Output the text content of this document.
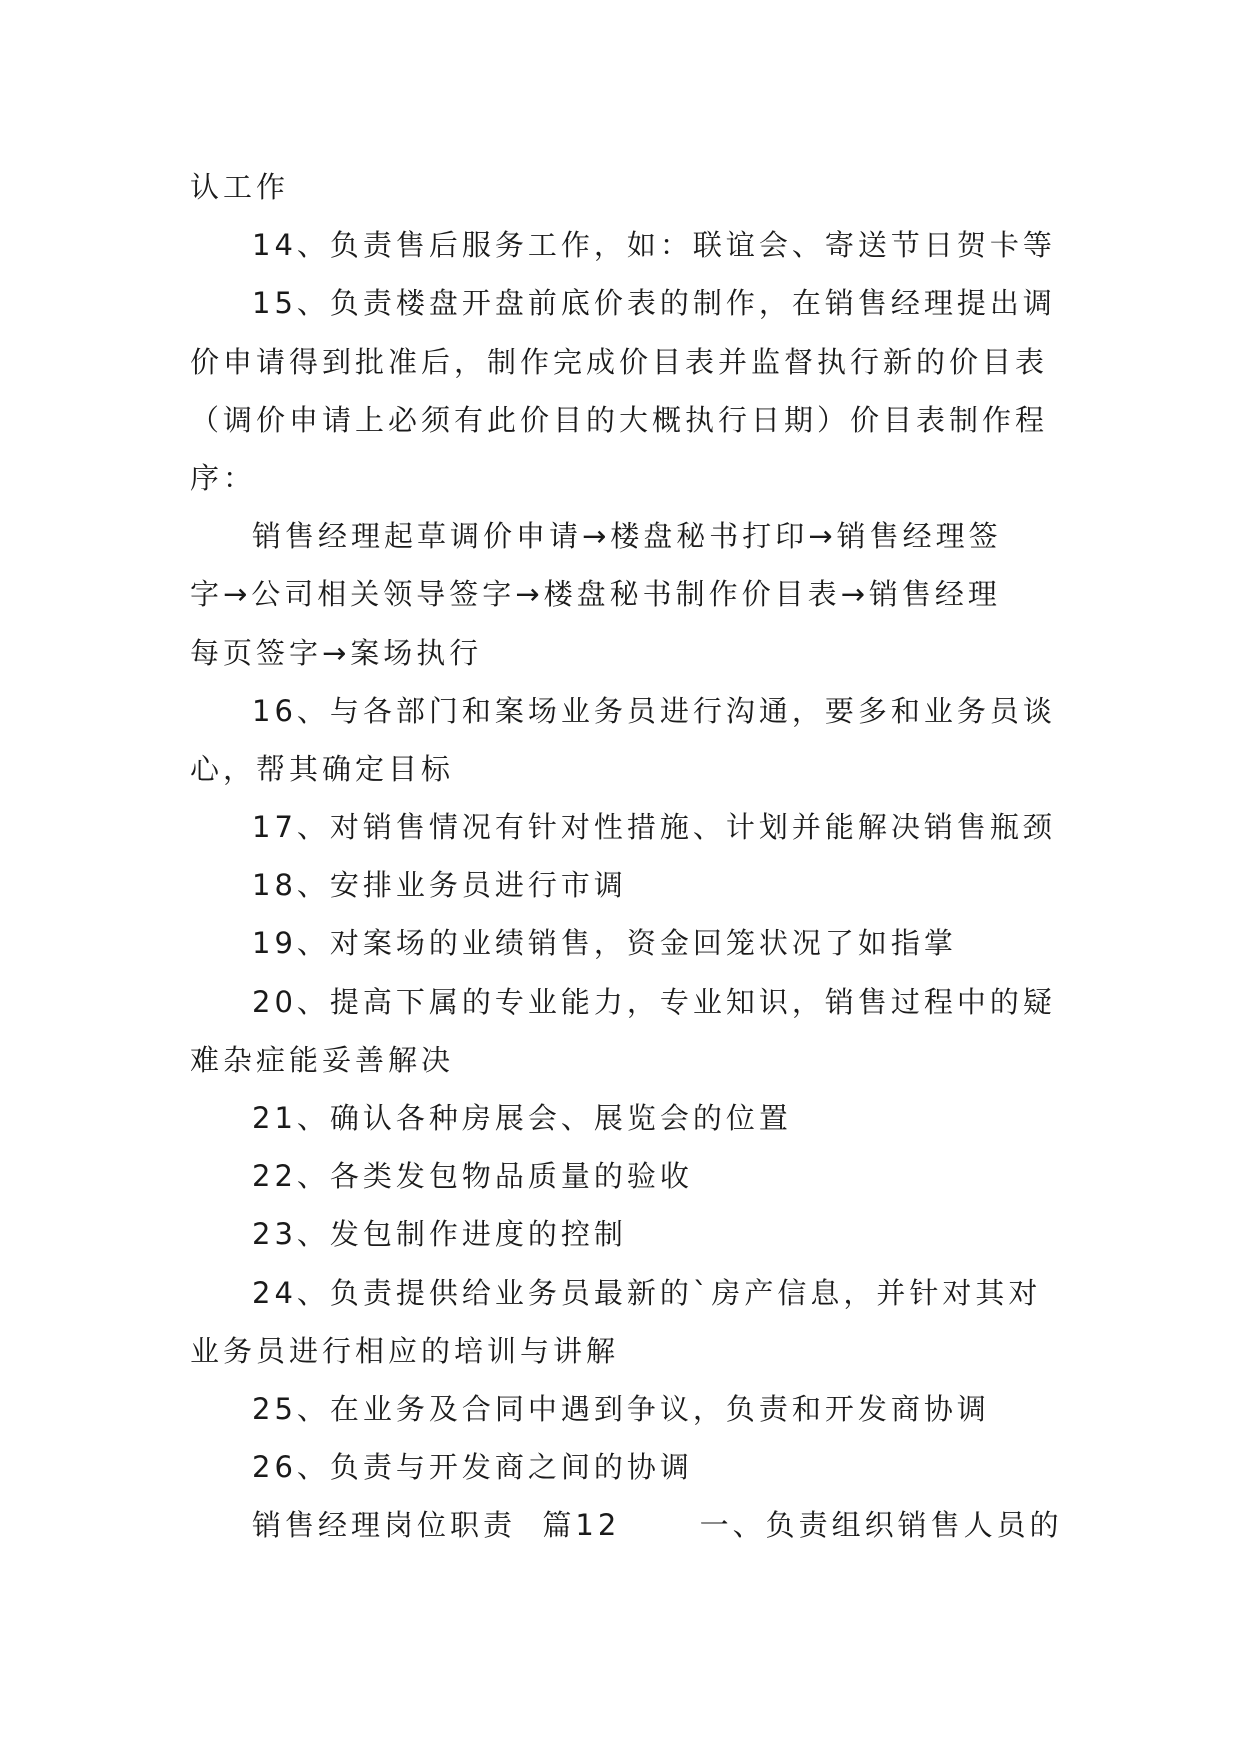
认工作
14、负责售后服务工作，如：联谊会、寄送节日贺卡等
15、负责楼盘开盘前底价表的制作，在销售经理提出调
价申请得到批准后，制作完成价目表并监督执行新的价目表
（调价申请上必须有此价目的大概执行日期）价目表制作程
序：
销售经理起草调价申请→楼盘秘书打印→销售经理签
字→公司相关领导签字→楼盘秘书制作价目表→销售经理
每页签字→案场执行
16、与各部门和案场业务员进行沟通，要多和业务员谈
心，帮其确定目标
17、对销售情况有针对性措施、计划并能解决销售瓶颈
18、安排业务员进行市调
19、对案场的业绩销售，资金回笼状况了如指掌
20、提高下属的专业能力，专业知识，销售过程中的疑
难杂症能妥善解决
21、确认各种房展会、展览会的位置
22、各类发包物品质量的验收
23、发包制作进度的控制
24、负责提供给业务员最新的`房产信息，并针对其对
业务员进行相应的培训与讲解
25、在业务及合同中遇到争议，负责和开发商协调
26、负责与开发商之间的协调
销售经理岗位职责  篇12      一、负责组织销售人员的
